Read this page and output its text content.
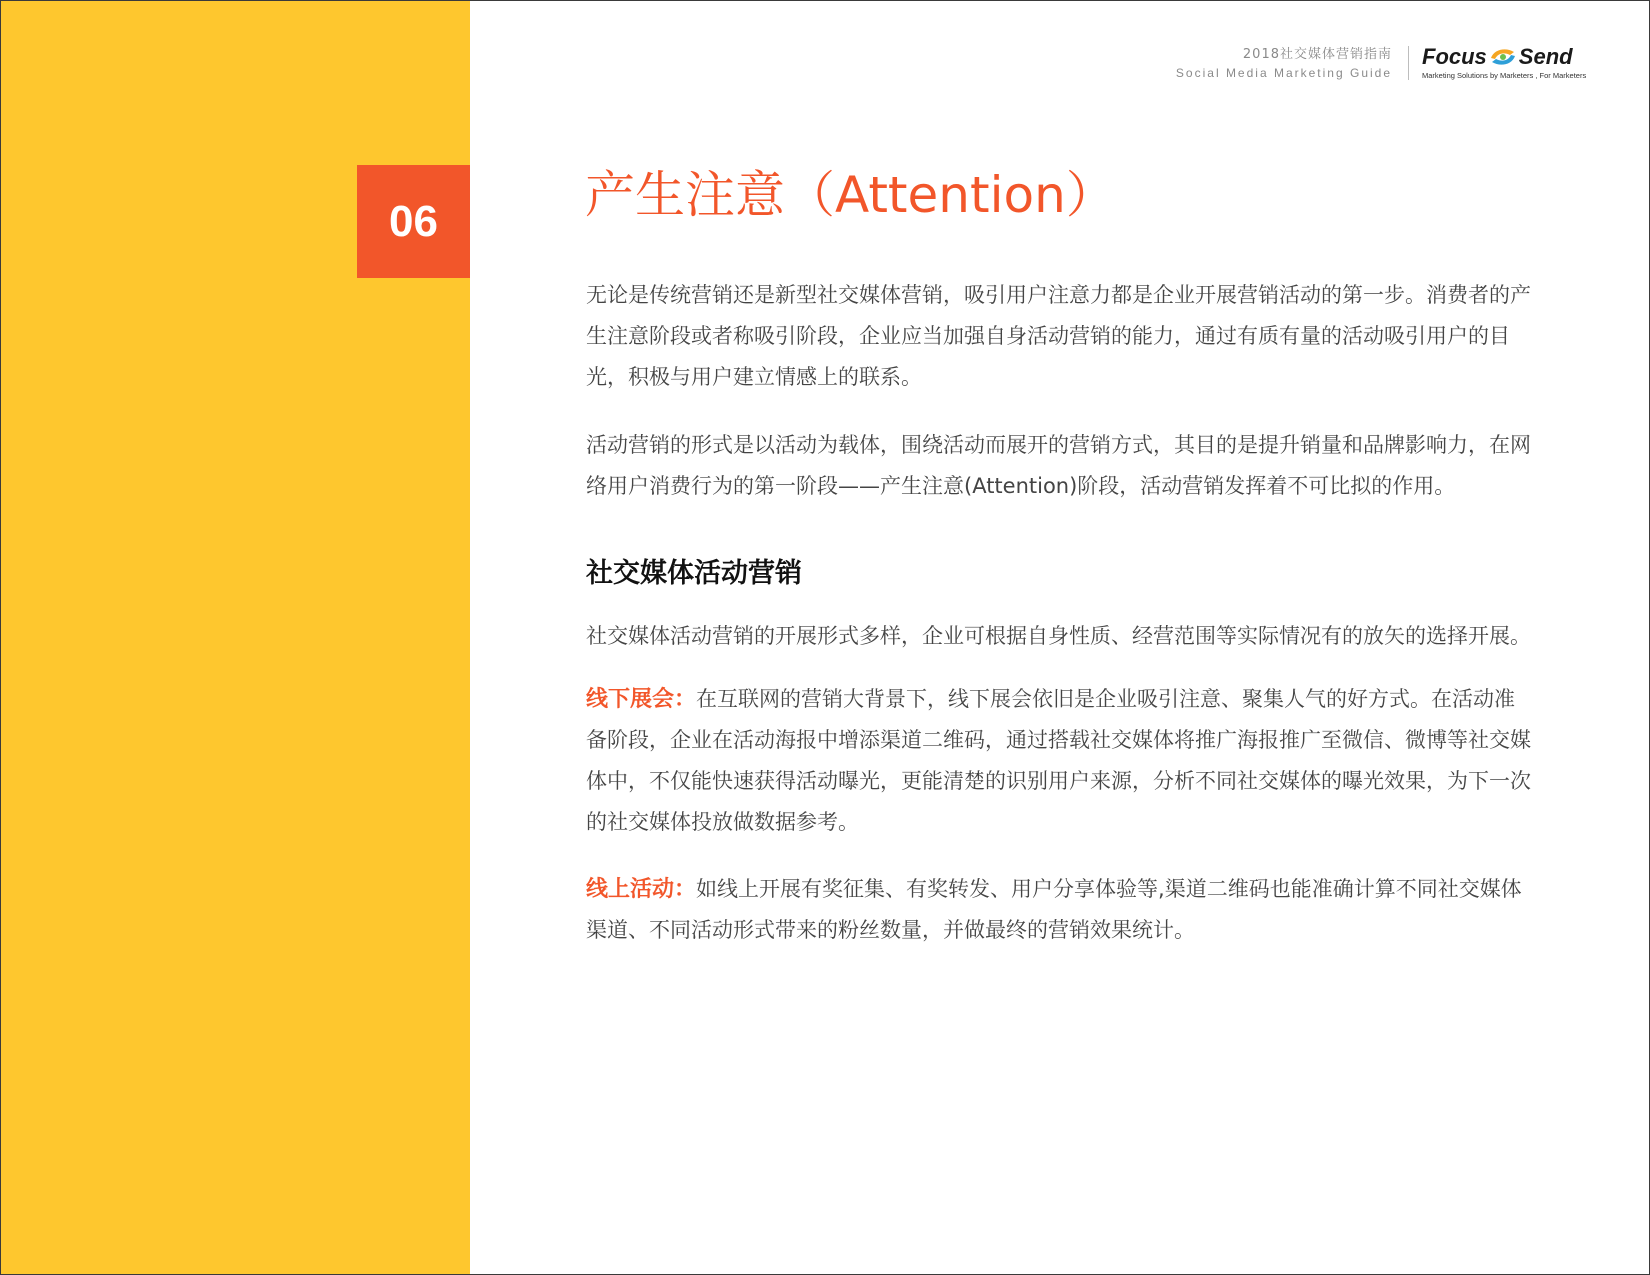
06
2018社交媒体营销指南
Social Media Marketing Guide
Focus Send
Marketing Solutions by Marketers , For Marketers
产生注意（Attention）

无论是传统营销还是新型社交媒体营销，吸引用户注意力都是企业开展营销活动的第一步。消费者的产生注意阶段或者称吸引阶段，企业应当加强自身活动营销的能力，通过有质有量的活动吸引用户的目光，积极与用户建立情感上的联系。

活动营销的形式是以活动为载体，围绕活动而展开的营销方式，其目的是提升销量和品牌影响力，在网络用户消费行为的第一阶段——产生注意(Attention)阶段，活动营销发挥着不可比拟的作用。

社交媒体活动营销

社交媒体活动营销的开展形式多样，企业可根据自身性质、经营范围等实际情况有的放矢的选择开展。

线下展会：在互联网的营销大背景下，线下展会依旧是企业吸引注意、聚集人气的好方式。在活动准备阶段，企业在活动海报中增添渠道二维码，通过搭载社交媒体将推广海报推广至微信、微博等社交媒体中，不仅能快速获得活动曝光，更能清楚的识别用户来源，分析不同社交媒体的曝光效果，为下一次的社交媒体投放做数据参考。

线上活动：如线上开展有奖征集、有奖转发、用户分享体验等,渠道二维码也能准确计算不同社交媒体渠道、不同活动形式带来的粉丝数量，并做最终的营销效果统计。
